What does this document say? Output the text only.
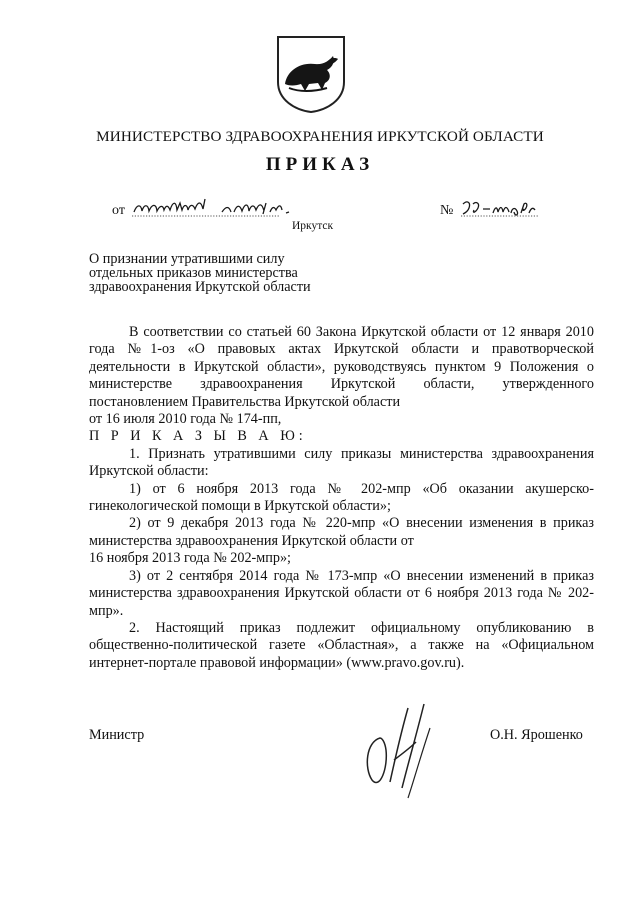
МИНИСТЕРСТВО ЗДРАВООХРАНЕНИЯ ИРКУТСКОЙ ОБЛАСТИ
ПРИКАЗ
от
Иркутск
№
О признании утратившими силу
отдельных приказов министерства
здравоохранения Иркутской области

В соответствии со статьей 60 Закона Иркутской области от 12 января 2010 года №1-оз «О правовых актах Иркутской области и правотворческой деятельности в Иркутской области», руководствуясь пунктом 9 Положения о министерстве здравоохранения Иркутской области, утвержденного постановлением Правительства Иркутской области

от 16 июля 2010 года № 174-пп,

П Р И К А З Ы В А Ю:

1. Признать утратившими силу приказы министерства здравоохранения Иркутской области:

1) от 6 ноября 2013 года № 202-мпр «Об оказании акушерско-гинекологической помощи в Иркутской области»;

2) от 9 декабря 2013 года № 220-мпр «О внесении изменения в приказ министерства здравоохранения Иркутской области от

16 ноября 2013 года № 202-мпр»;

3) от 2 сентября 2014 года № 173-мпр «О внесении изменений в приказ министерства здравоохранения Иркутской области от 6 ноября 2013 года № 202-мпр».

2. Настоящий приказ подлежит официальному опубликованию в общественно-политической газете «Областная», а также на «Официальном интернет-портале правовой информации» (www.pravo.gov.ru).

Министр	О.Н. Ярошенко
